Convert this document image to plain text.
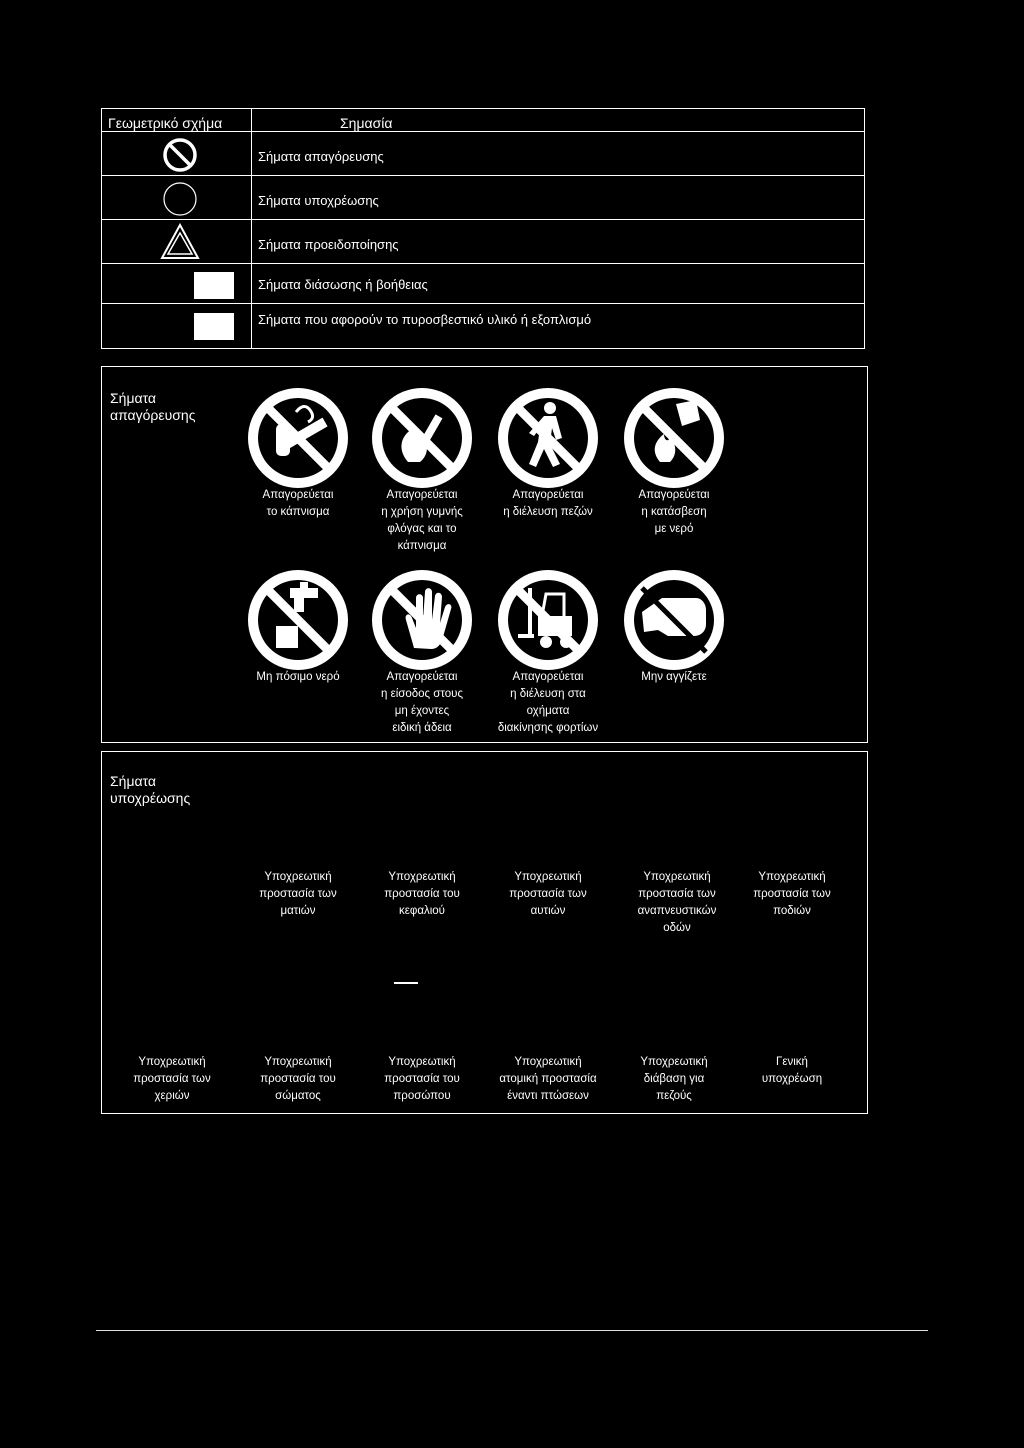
Γεωμετρικό σχήμα	Σημασία
Σήματα απαγόρευσης
Σήματα υποχρέωσης
Σήματα προειδοποίησης
Σήματα διάσωσης ή βοήθειας
Σήματα που αφορούν το πυροσβεστικό υλικό ή εξοπλισμό
Σήματα
απαγόρευσης
Απαγορεύεται
το κάπνισμα
Απαγορεύεται
η χρήση γυμνής
φλόγας και το
κάπνισμα
Απαγορεύεται
η διέλευση πεζών
Απαγορεύεται
η κατάσβεση
με νερό
Μη πόσιμο νερό	Απαγορεύεται
η είσοδος στους
μη έχοντες
ειδική άδεια
Απαγορεύεται
η διέλευση στα
οχήματα
διακίνησης φορτίων
Μην αγγίζετε
Σήματα
υποχρέωσης
Υποχρεωτική
προστασία των
ματιών
Υποχρεωτική
προστασία του
κεφαλιού
Υποχρεωτική
προστασία των
αυτιών
Υποχρεωτική
προστασία των
αναπνευστικών
οδών
Υποχρεωτική
προστασία των
ποδιών
Υποχρεωτική
προστασία των
χεριών
Υποχρεωτική
προστασία του
σώματος
Υποχρεωτική
προστασία του
προσώπου
Υποχρεωτική
ατομική προστασία
έναντι πτώσεων
Υποχρεωτική
διάβαση για
πεζούς
Γενική
υποχρέωση
